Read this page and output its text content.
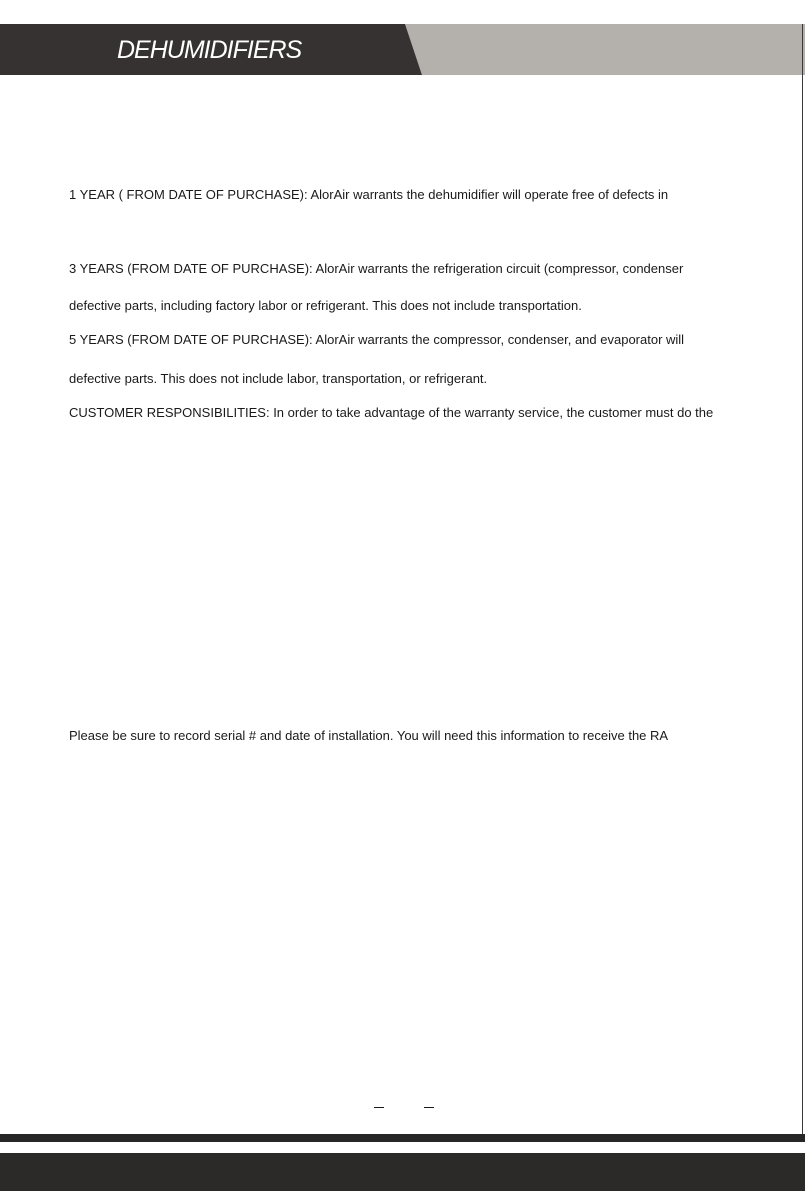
DEHUMIDIFIERS
1 YEAR ( FROM DATE OF PURCHASE): AlorAir warrants the dehumidifier will operate free of defects in
3 YEARS (FROM DATE OF PURCHASE): AlorAir warrants the refrigeration circuit (compressor, condenser
defective parts, including factory labor or refrigerant. This does not include transportation.
5 YEARS (FROM DATE OF PURCHASE): AlorAir warrants the compressor, condenser, and evaporator will
defective parts. This does not include labor, transportation, or refrigerant.
CUSTOMER RESPONSIBILITIES: In order to take advantage of the warranty service, the customer must do the
Please be sure to record serial # and date of installation. You will need this information to receive the RA
